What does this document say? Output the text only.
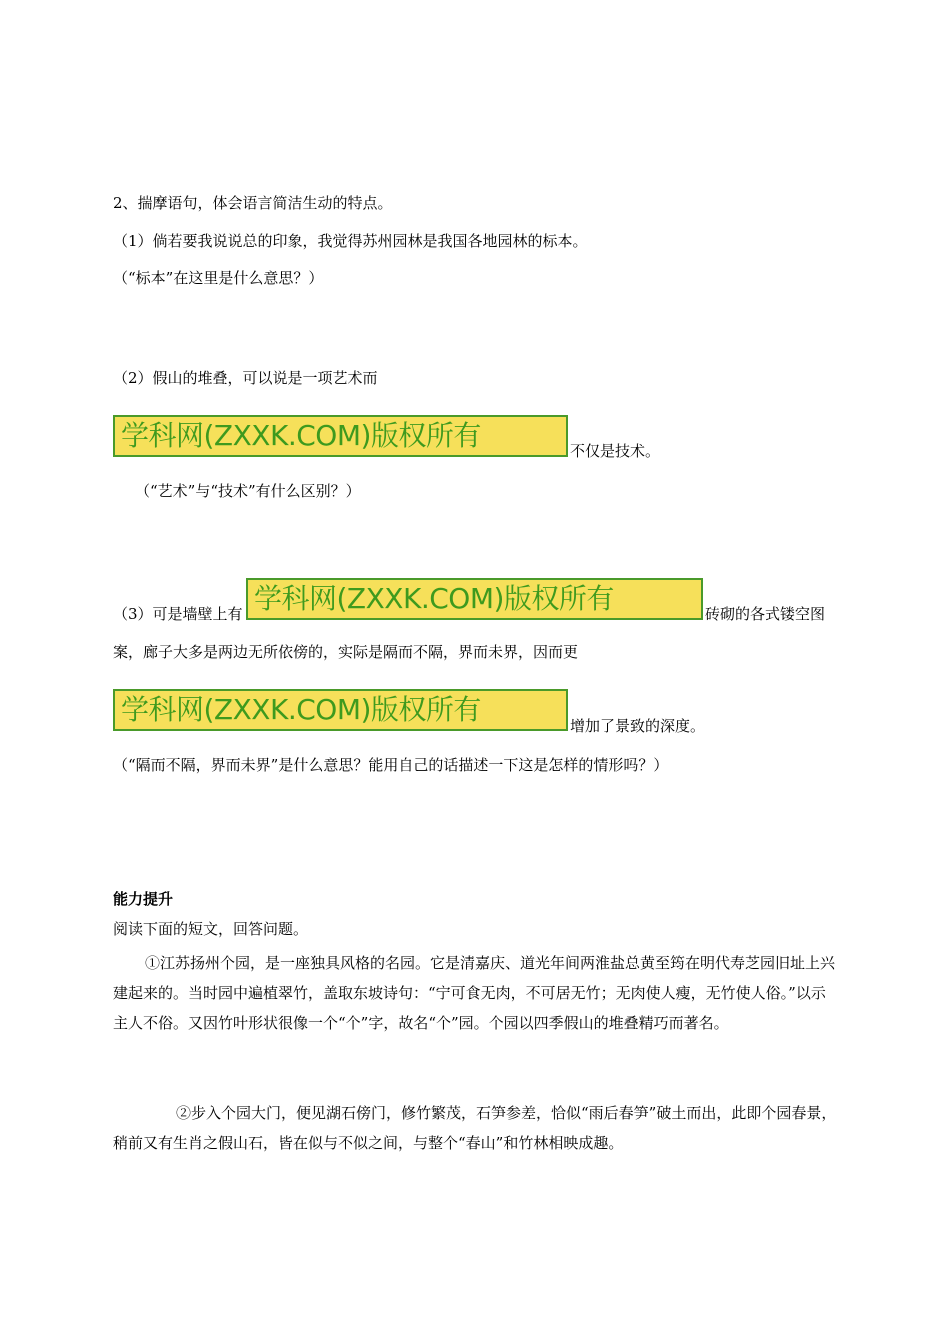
2、揣摩语句，体会语言简洁生动的特点。
（1）倘若要我说说总的印象，我觉得苏州园林是我国各地园林的标本。
（“标本”在这里是什么意思？）
（2）假山的堆叠，可以说是一项艺术而
学科网(ZXXK.COM)版权所有	不仅是技术。
（“艺术”与“技术”有什么区别？）
学科网(ZXXK.COM)版权所有
（3）可是墙壁上有	砖砌的各式镂空图
案，廊子大多是两边无所依傍的，实际是隔而不隔，界而未界，因而更
学科网(ZXXK.COM)版权所有	增加了景致的深度。
（“隔而不隔，界而未界”是什么意思？能用自己的话描述一下这是怎样的情形吗？）
能力提升
阅读下面的短文，回答问题。
①江苏扬州个园，是一座独具风格的名园。它是清嘉庆、道光年间两淮盐总黄至筠在明代寿芝园旧址上兴建起来的。当时园中遍植翠竹，盖取东坡诗句：“宁可食无肉，不可居无竹；无肉使人瘦，无竹使人俗。”以示主人不俗。又因竹叶形状很像一个“个”字，故名“个”园。个园以四季假山的堆叠精巧而著名。
②步入个园大门，便见湖石傍门，修竹繁茂，石笋参差，恰似“雨后春笋”破土而出，此即个园春景，稍前又有生肖之假山石，皆在似与不似之间，与整个“春山”和竹林相映成趣。
